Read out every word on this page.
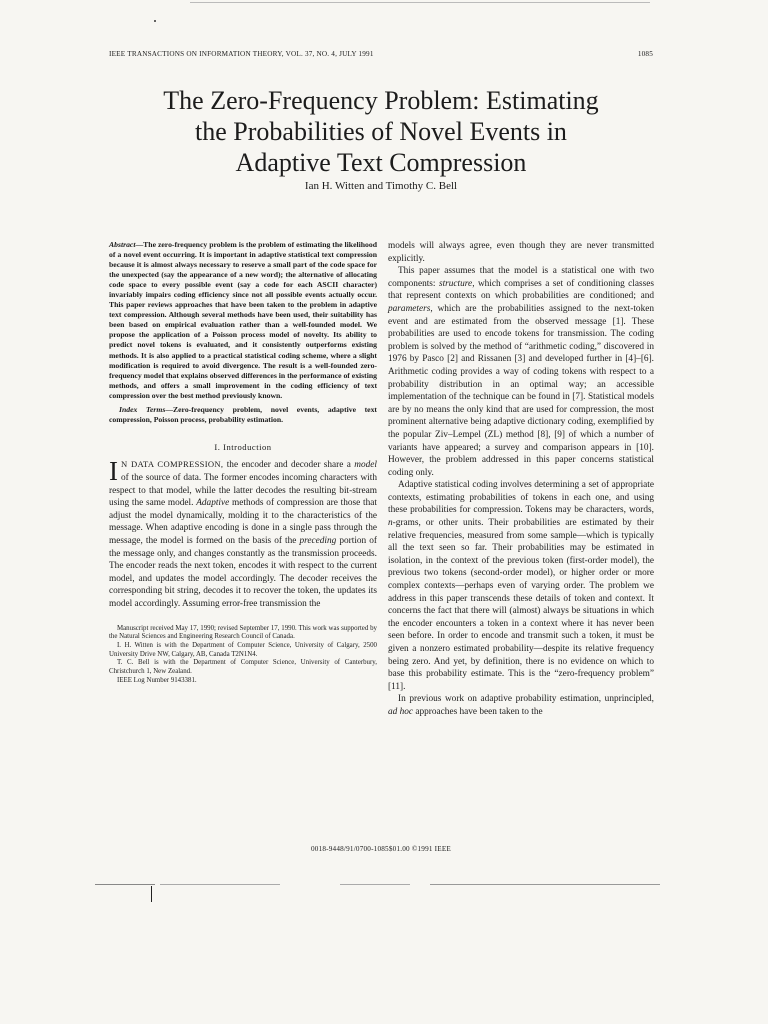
IEEE TRANSACTIONS ON INFORMATION THEORY, VOL. 37, NO. 4, JULY 1991	1085
The Zero-Frequency Problem: Estimating
the Probabilities of Novel Events in
Adaptive Text Compression
Ian H. Witten and Timothy C. Bell
Abstract—The zero-frequency problem is the problem of estimating the likelihood of a novel event occurring. It is important in adaptive statistical text compression because it is almost always necessary to reserve a small part of the code space for the unexpected (say the appearance of a new word); the alternative of allocating code space to every possible event (say a code for each ASCII character) invariably impairs coding efficiency since not all possible events actually occur. This paper reviews approaches that have been taken to the problem in adaptive text compression. Although several methods have been used, their suitability has been based on empirical evaluation rather than a well-founded model. We propose the application of a Poisson process model of novelty. Its ability to predict novel tokens is evaluated, and it consistently outperforms existing methods. It is also applied to a practical statistical coding scheme, where a slight modification is required to avoid divergence. The result is a well-founded zero-frequency model that explains observed differences in the performance of existing methods, and offers a small improvement in the coding efficiency of text compression over the best method previously known.
Index Terms—Zero-frequency problem, novel events, adaptive text compression, Poisson process, probability estimation.
I. Introduction

I N DATA COMPRESSION, the encoder and decoder share a model of the source of data. The former encodes incoming characters with respect to that model, while the latter decodes the resulting bit-stream using the same model. Adaptive methods of compression are those that adjust the model dynamically, molding it to the characteristics of the message. When adaptive encoding is done in a single pass through the message, the model is formed on the basis of the preceding portion of the message only, and changes constantly as the transmission proceeds. The encoder reads the next token, encodes it with respect to the current model, and updates the model accordingly. The decoder receives the corresponding bit string, decodes it to recover the token, the updates its model accordingly. Assuming error-free transmission the

Manuscript received May 17, 1990; revised September 17, 1990. This work was supported by the Natural Sciences and Engineering Research Council of Canada.

I. H. Witten is with the Department of Computer Science, University of Calgary, 2500 University Drive NW, Calgary, AB, Canada T2N1N4.

T. C. Bell is with the Department of Computer Science, University of Canterbury, Christchurch 1, New Zealand.

IEEE Log Number 9143381.

models will always agree, even though they are never transmitted explicitly.

This paper assumes that the model is a statistical one with two components: structure, which comprises a set of conditioning classes that represent contexts on which probabilities are conditioned; and parameters, which are the probabilities assigned to the next-token event and are estimated from the observed message [1]. These probabilities are used to encode tokens for transmission. The coding problem is solved by the method of “arithmetic coding,” discovered in 1976 by Pasco [2] and Rissanen [3] and developed further in [4]–[6]. Arithmetic coding provides a way of coding tokens with respect to a probability distribution in an optimal way; an accessible implementation of the technique can be found in [7]. Statistical models are by no means the only kind that are used for compression, the most prominent alternative being adaptive dictionary coding, exemplified by the popular Ziv–Lempel (ZL) method [8], [9] of which a number of variants have appeared; a survey and comparison appears in [10]. However, the problem addressed in this paper concerns statistical coding only.

Adaptive statistical coding involves determining a set of appropriate contexts, estimating probabilities of tokens in each one, and using these probabilities for compression. Tokens may be characters, words, n-grams, or other units. Their probabilities are estimated by their relative frequencies, measured from some sample—which is typically all the text seen so far. Their probabilities may be estimated in isolation, in the context of the previous token (first-order model), the previous two tokens (second-order model), or higher order or more complex contexts—perhaps even of varying order. The problem we address in this paper transcends these details of token and context. It concerns the fact that there will (almost) always be situations in which the encoder encounters a token in a context where it has never been seen before. In order to encode and transmit such a token, it must be given a nonzero estimated probability—despite its relative frequency being zero. And yet, by definition, there is no evidence on which to base this probability estimate. This is the “zero-frequency problem” [11].

In previous work on adaptive probability estimation, unprincipled, ad hoc approaches have been taken to the

0018-9448/91/0700-1085$01.00 ©1991 IEEE
